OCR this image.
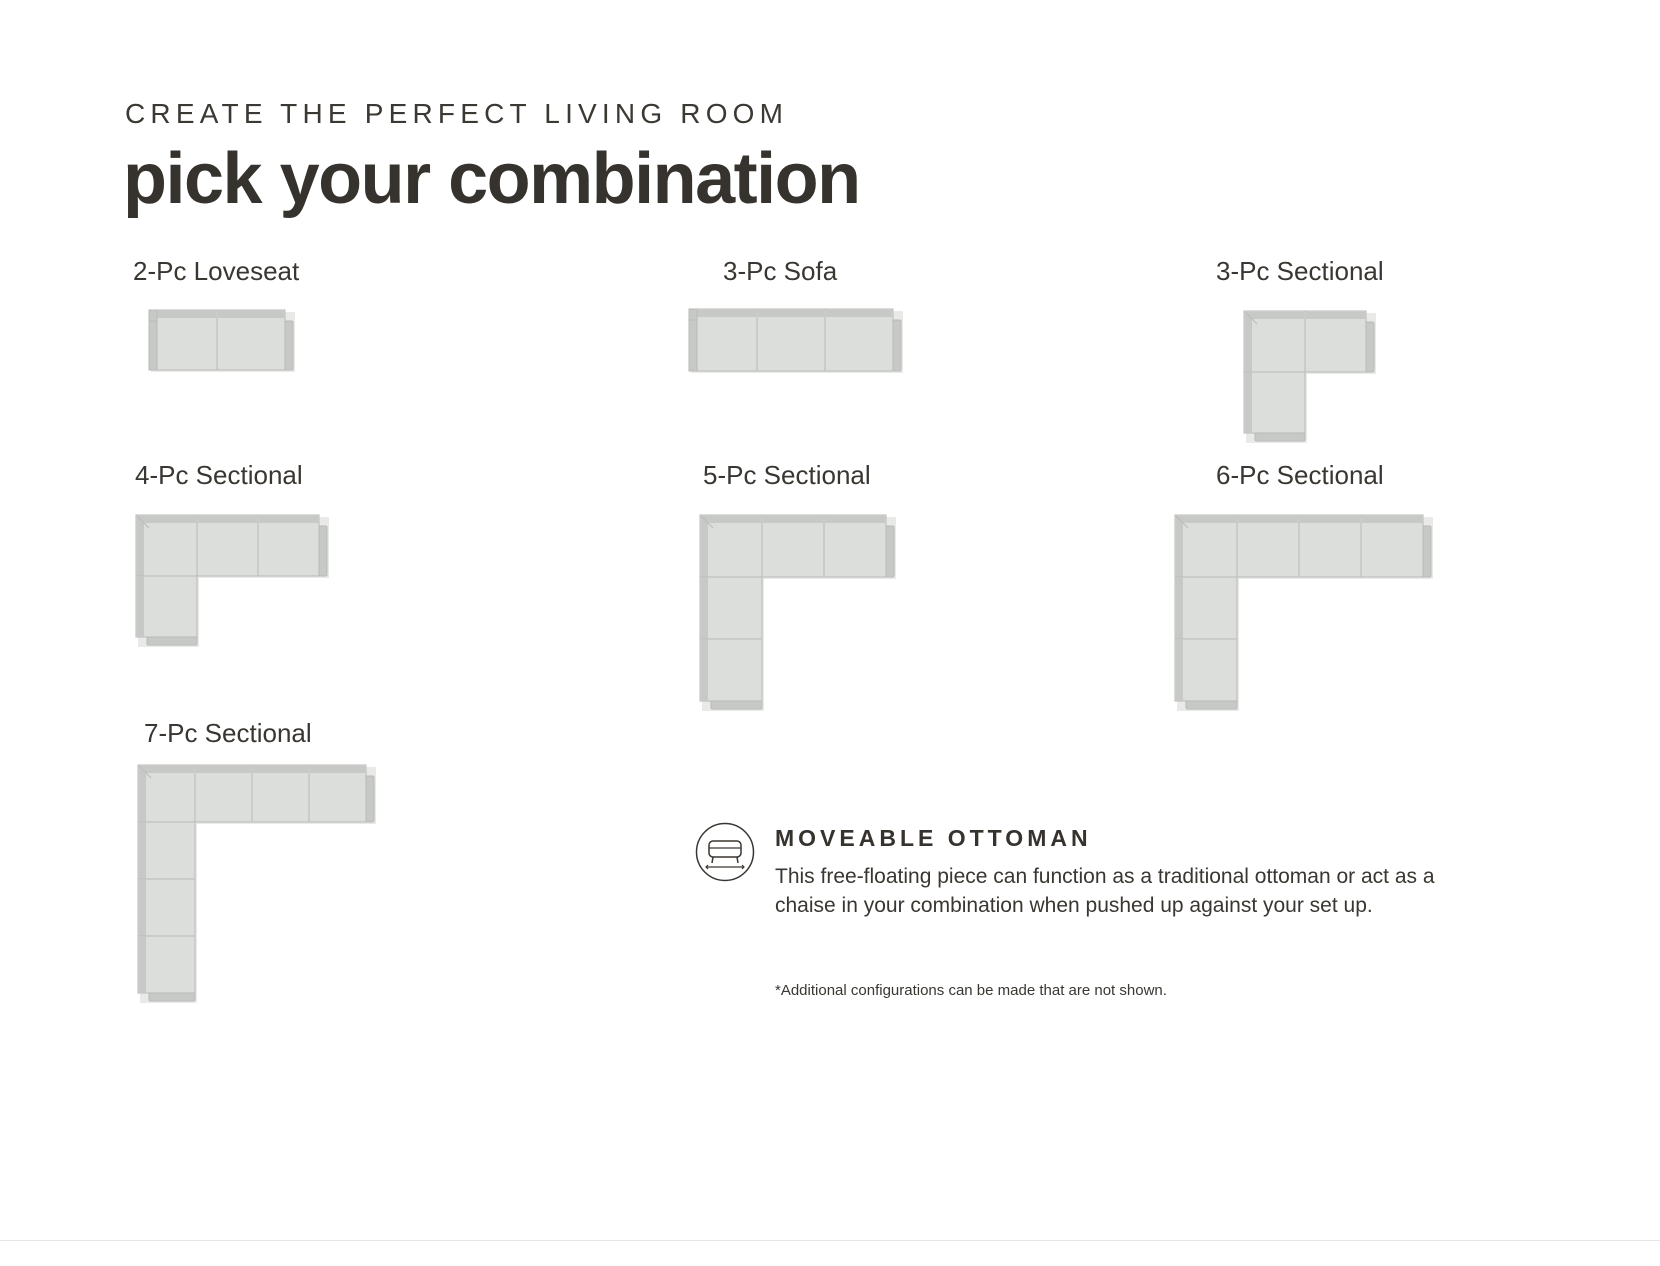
CREATE THE PERFECT LIVING ROOM
pick your combination
2-Pc Loveseat	3-Pc Sofa	3-Pc Sectional
4-Pc Sectional	5-Pc Sectional	6-Pc Sectional
7-Pc Sectional
MOVEABLE OTTOMAN
This free-floating piece can function as a traditional ottoman or act as a chaise in your combination when pushed up against your set up.
*Additional configurations can be made that are not shown.
